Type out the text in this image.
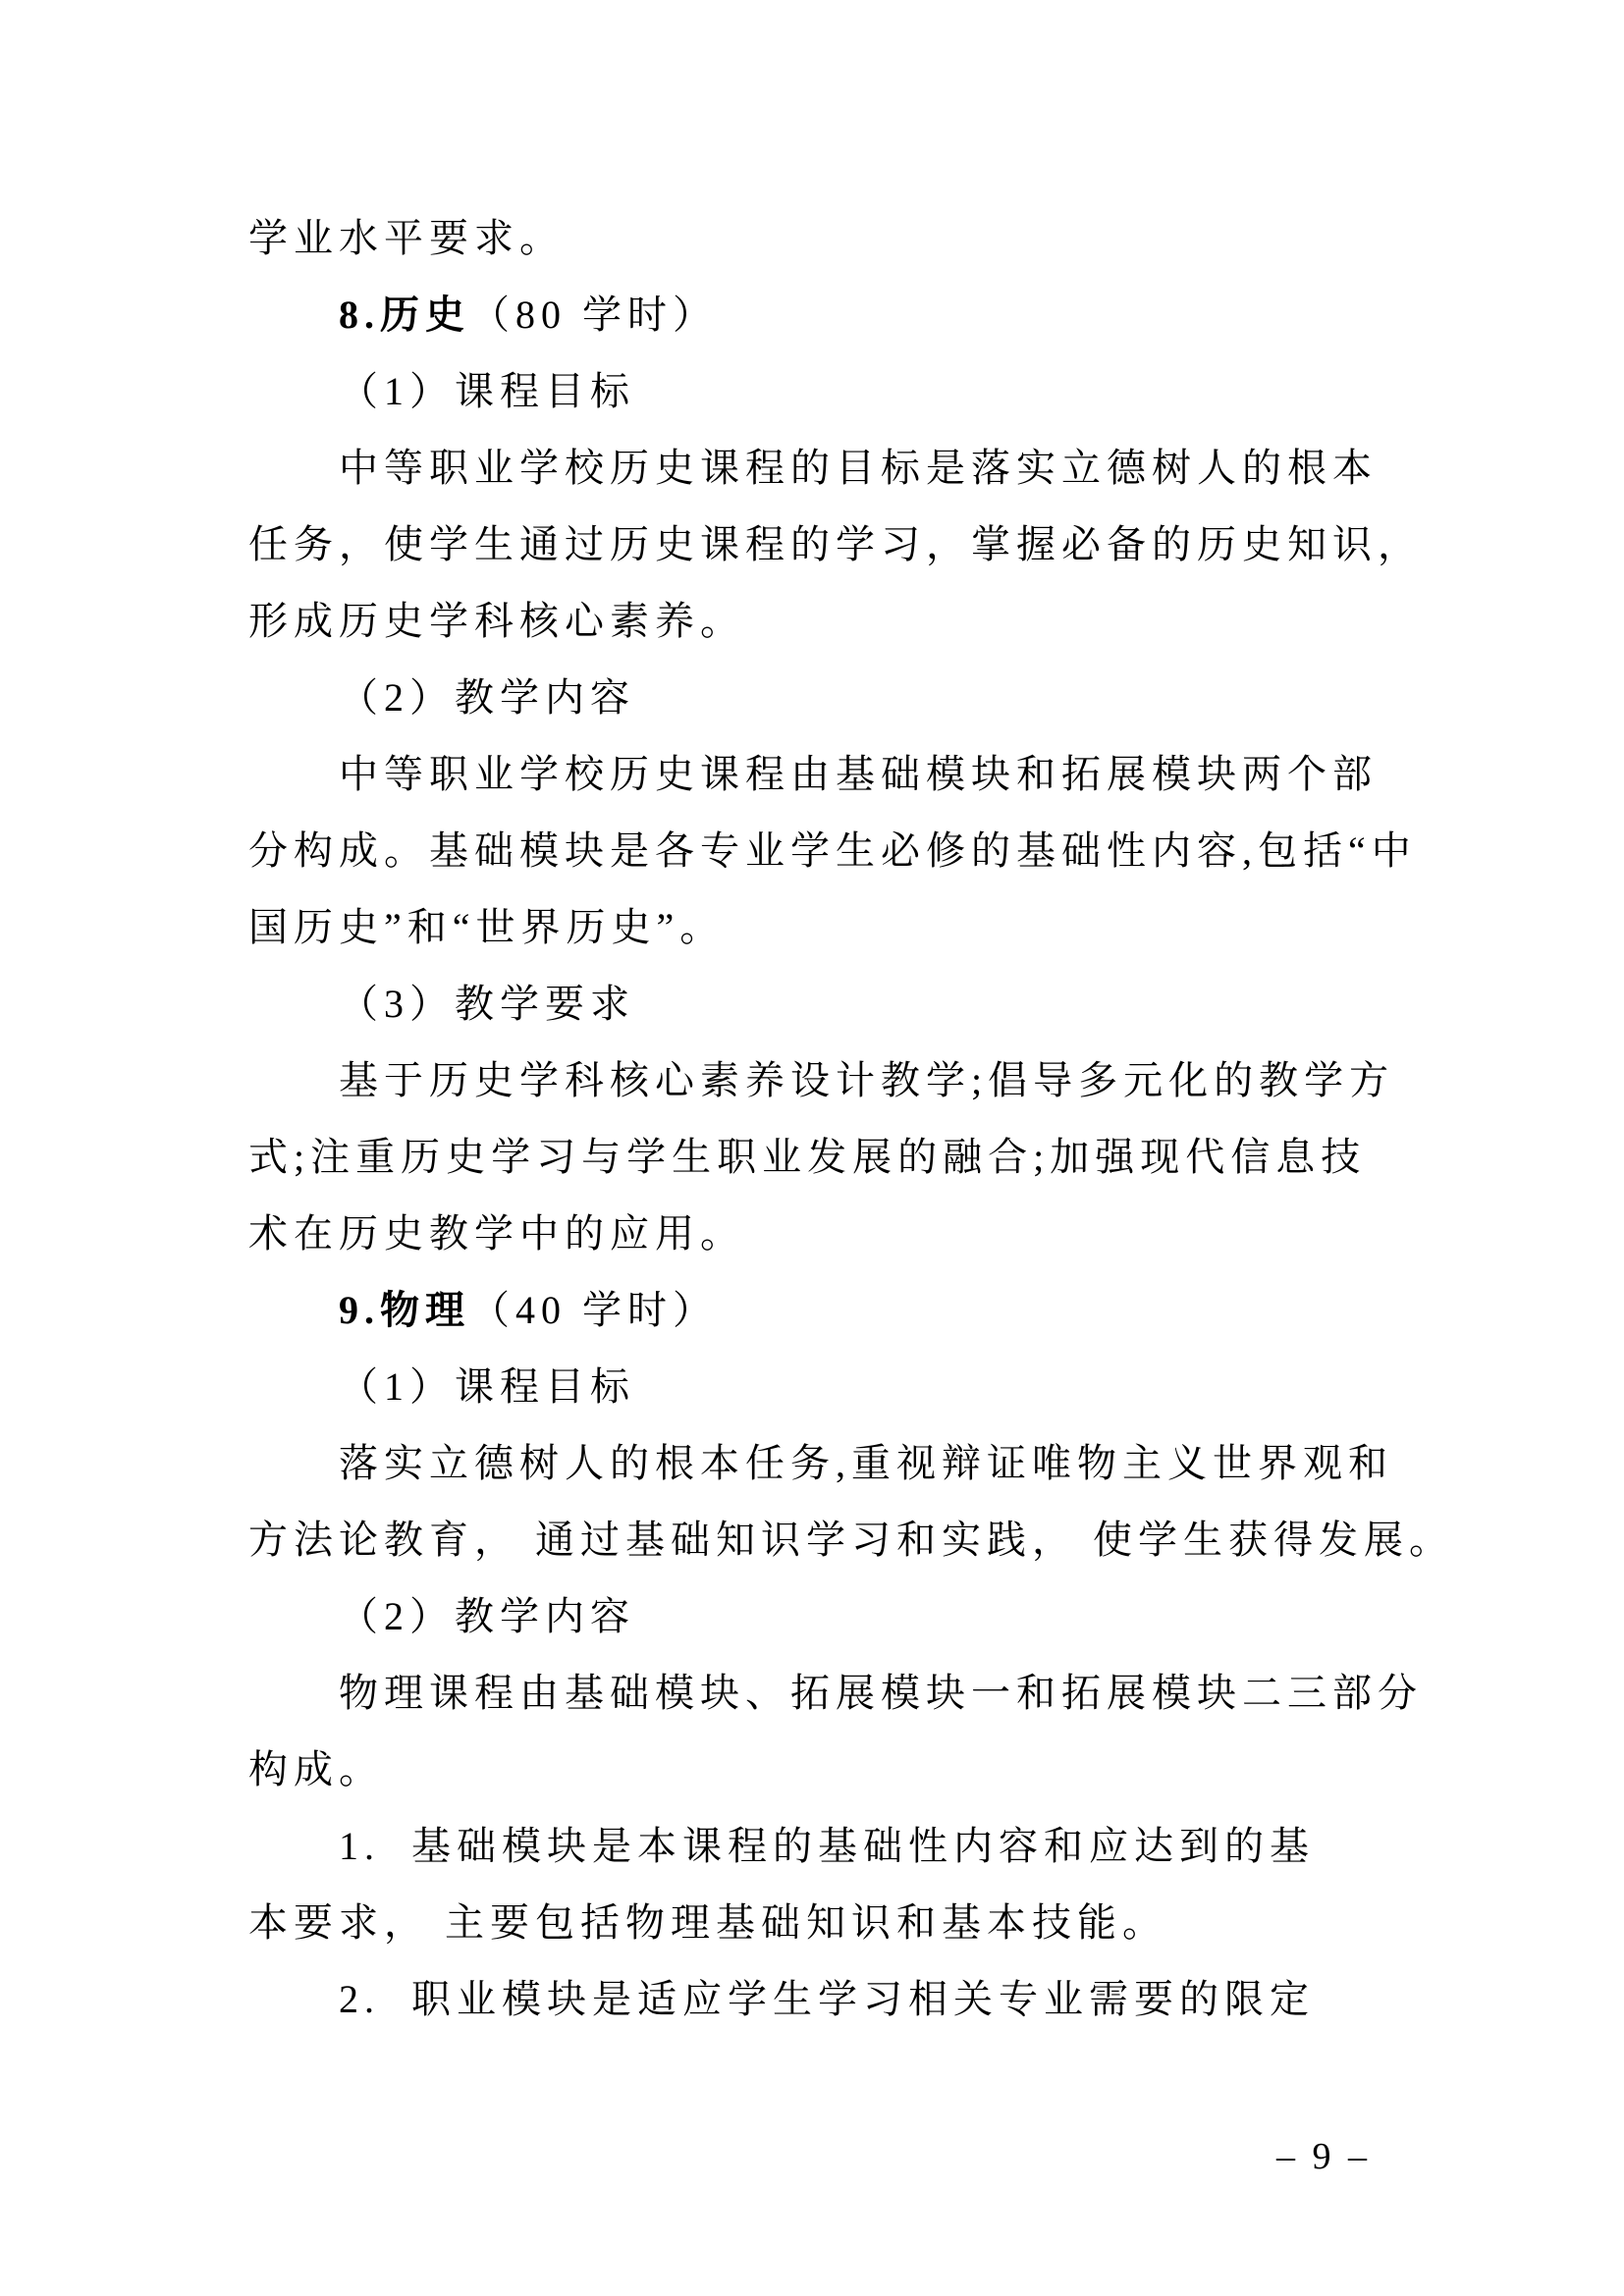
学业水平要求。
8.历史（80 学时）
（1）课程目标
中等职业学校历史课程的目标是落实立德树人的根本
任务，使学生通过历史课程的学习，掌握必备的历史知识，
形成历史学科核心素养。
（2）教学内容
中等职业学校历史课程由基础模块和拓展模块两个部
分构成。基础模块是各专业学生必修的基础性内容,包括“中
国历史”和“世界历史”。
（3）教学要求
基于历史学科核心素养设计教学;倡导多元化的教学方
式;注重历史学习与学生职业发展的融合;加强现代信息技
术在历史教学中的应用。
9.物理（40 学时）
（1）课程目标
落实立德树人的根本任务,重视辩证唯物主义世界观和
方法论教育， 通过基础知识学习和实践， 使学生获得发展。
（2）教学内容
物理课程由基础模块、拓展模块一和拓展模块二三部分
构成。
1.  基础模块是本课程的基础性内容和应达到的基
本要求， 主要包括物理基础知识和基本技能。
2.  职业模块是适应学生学习相关专业需要的限定
– 9 –
